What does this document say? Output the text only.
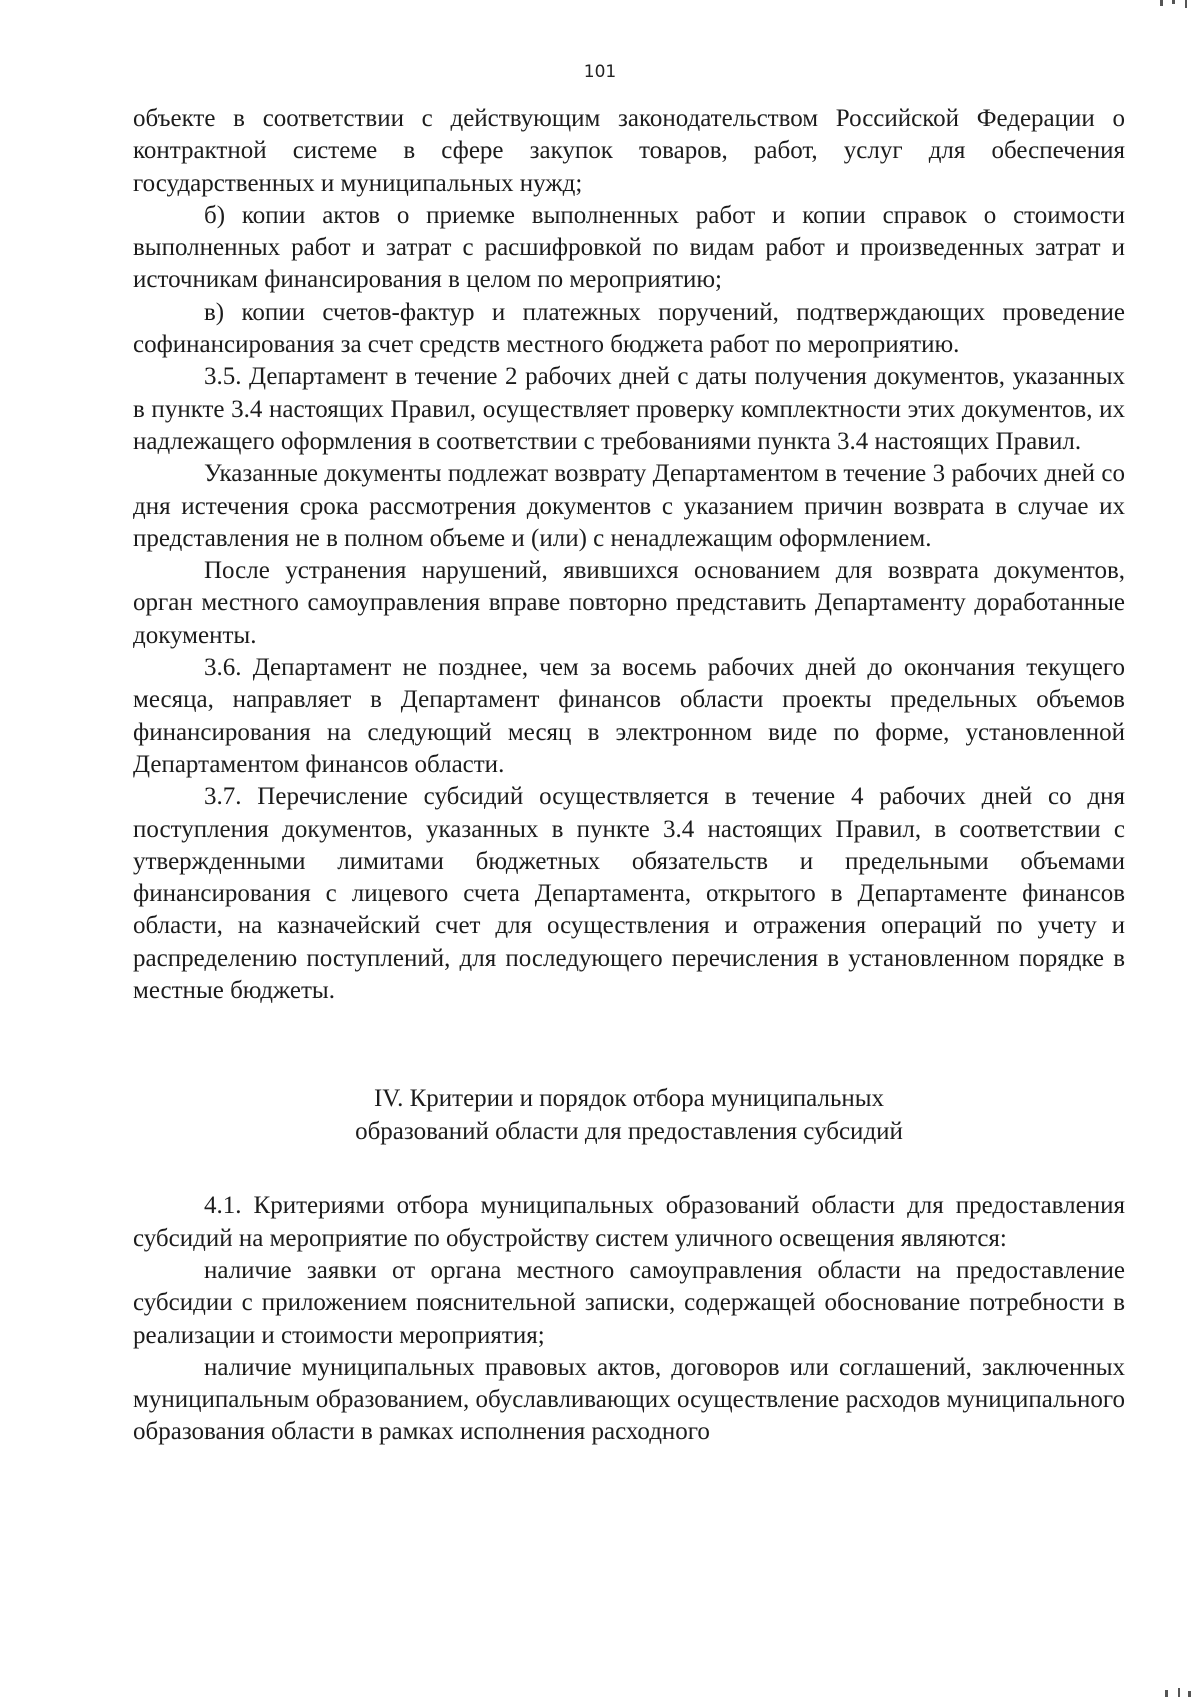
101

объекте в соответствии с действующим законодательством Российской Федерации о контрактной системе в сфере закупок товаров, работ, услуг для обеспечения государственных и муниципальных нужд;

б) копии актов о приемке выполненных работ и копии справок о стоимости выполненных работ и затрат с расшифровкой по видам работ и произведенных затрат и источникам финансирования в целом по мероприятию;

в) копии счетов-фактур и платежных поручений, подтверждающих проведение софинансирования за счет средств местного бюджета работ по мероприятию.

3.5. Департамент в течение 2 рабочих дней с даты получения документов, указанных в пункте 3.4 настоящих Правил, осуществляет проверку комплектности этих документов, их надлежащего оформления в соответствии с требованиями пункта 3.4 настоящих Правил.

Указанные документы подлежат возврату Департаментом в течение 3 рабочих дней со дня истечения срока рассмотрения документов с указанием причин возврата в случае их представления не в полном объеме и (или) с ненадлежащим оформлением.

После устранения нарушений, явившихся основанием для возврата документов, орган местного самоуправления вправе повторно представить Департаменту доработанные документы.

3.6. Департамент не позднее, чем за восемь рабочих дней до окончания текущего месяца, направляет в Департамент финансов области проекты предельных объемов финансирования на следующий месяц в электронном виде по форме, установленной Департаментом финансов области.

3.7. Перечисление субсидий осуществляется в течение 4 рабочих дней со дня поступления документов, указанных в пункте 3.4 настоящих Правил, в соответствии с утвержденными лимитами бюджетных обязательств и предельными объемами финансирования с лицевого счета Департамента, открытого в Департаменте финансов области, на казначейский счет для осуществления и отражения операций по учету и распределению поступлений, для последующего перечисления в установленном порядке в местные бюджеты.

IV. Критерии и порядок отбора муниципальных
образований области для предоставления субсидий

4.1. Критериями отбора муниципальных образований области для предоставления субсидий на мероприятие по обустройству систем уличного освещения являются:

наличие заявки от органа местного самоуправления области на предоставление субсидии с приложением пояснительной записки, содержащей обоснование потребности в реализации и стоимости мероприятия;

наличие муниципальных правовых актов, договоров или соглашений, заключенных муниципальным образованием, обуславливающих осуществление расходов муниципального образования области в рамках исполнения расходного
